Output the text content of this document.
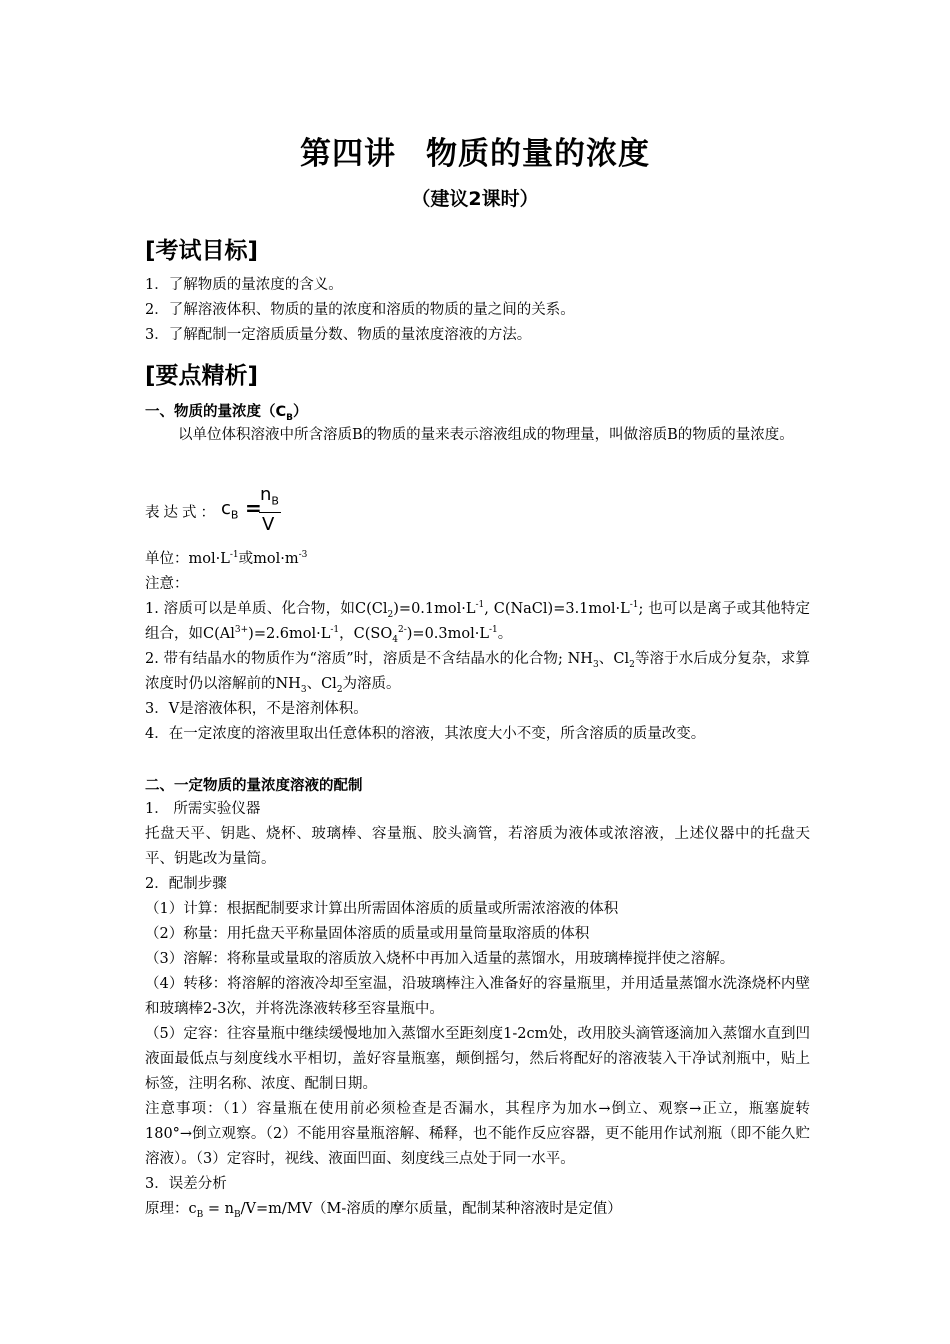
第四讲 物质的量的浓度
（建议2课时）
[考试目标]
1．了解物质的量浓度的含义。
2．了解溶液体积、物质的量的浓度和溶质的物质的量之间的关系。
3．了解配制一定溶质质量分数、物质的量浓度溶液的方法。
[要点精析]
一、物质的量浓度$(C_B)$
以单位体积溶液中所含溶质B的物质的量来表示溶液组成的物理量，叫做溶质B的物质的量浓度。
表达式： $c_B$ =
$n_B$
V
单位：$mol\cdot L^{-1}$或$mol\cdot m^{-3}$
注意：
1. 溶质可以是单质、化合物，如$C(Cl_2)=0.1mol\cdot L^{-1}$, $C(NaCl)=3.1mol\cdot L^{-1}$; 也可以是离子或其他特定组合，如$C(Al^{3+})=2.6mol\cdot L^{-1}$，$C(SO_4^{2-})=0.3mol\cdot L^{-1}$。
2. 带有结晶水的物质作为“溶质”时，溶质是不含结晶水的化合物; $NH_3$、$Cl_2$等溶于水后成分复杂，求算浓度时仍以溶解前的$NH_3$、$Cl_2$为溶质。
3．V是溶液体积，不是溶剂体积。
4．在一定浓度的溶液里取出任意体积的溶液，其浓度大小不变，所含溶质的质量改变。
二、一定物质的量浓度溶液的配制
1． 所需实验仪器
托盘天平、钥匙、烧杯、玻璃棒、容量瓶、胶头滴管，若溶质为液体或浓溶液，上述仪器中的托盘天平、钥匙改为量筒。
2．配制步骤
（1）计算：根据配制要求计算出所需固体溶质的质量或所需浓溶液的体积
（2）称量：用托盘天平称量固体溶质的质量或用量筒量取溶质的体积
（3）溶解：将称量或量取的溶质放入烧杯中再加入适量的蒸馏水，用玻璃棒搅拌使之溶解。
（4）转移：将溶解的溶液冷却至室温，沿玻璃棒注入准备好的容量瓶里，并用适量蒸馏水洗涤烧杯内壁和玻璃棒2-3次，并将洗涤液转移至容量瓶中。
（5）定容：往容量瓶中继续缓慢地加入蒸馏水至距刻度1-2cm处，改用胶头滴管逐滴加入蒸馏水直到凹液面最低点与刻度线水平相切，盖好容量瓶塞，颠倒摇匀，然后将配好的溶液装入干净试剂瓶中，贴上标签，注明名称、浓度、配制日期。
注意事项：（1）容量瓶在使用前必须检查是否漏水，其程序为加水→倒立、观察→正立，瓶塞旋转180°→倒立观察。（2）不能用容量瓶溶解、稀释，也不能作反应容器，更不能用作试剂瓶（即不能久贮溶液）。（3）定容时，视线、液面凹面、刻度线三点处于同一水平。
3．误差分析
原理：$c_B = n_B/V=m/MV(M-$溶质的摩尔质量，配制某种溶液时是定值）
